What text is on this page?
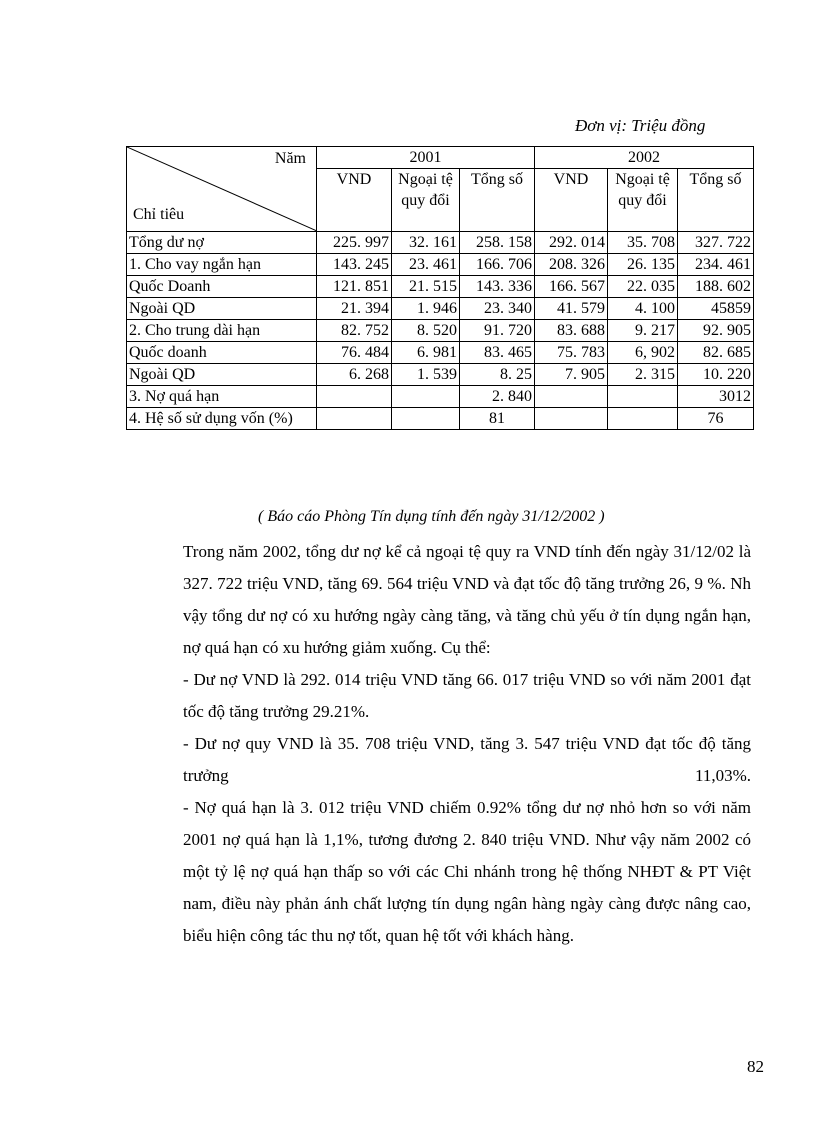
Đơn vị: Triệu đồng
Năm
Chỉ tiêu	2001			2002		
	VND	Ngoại tệ quy đổi	Tổng số	VND	Ngoại tệ quy đổi	Tổng số
Tổng dư nợ	225. 997	32. 161	258. 158	292. 014	35. 708	327. 722
1. Cho vay ngắn hạn	143. 245	23. 461	166. 706	208. 326	26. 135	234. 461
Quốc Doanh	121. 851	21. 515	143. 336	166. 567	22. 035	188. 602
Ngoài QD	21. 394	1. 946	23. 340	41. 579	4. 100	45859
2. Cho trung dài hạn	82. 752	8. 520	91. 720	83. 688	9. 217	92. 905
Quốc doanh	76. 484	6. 981	83. 465	75. 783	6, 902	82. 685
Ngoài QD	6. 268	1. 539	8. 25	7. 905	2. 315	10. 220
3. Nợ quá hạn			2. 840			3012
4. Hệ số sử dụng vốn (%)			81			76
( Báo cáo Phòng Tín dụng tính đến ngày 31/12/2002 )
Trong năm 2002, tổng dư nợ kể cả ngoại tệ quy ra VND tính đến ngày 31/12/02 là 327. 722 triệu VND, tăng 69. 564 triệu VND và đạt tốc độ tăng trưởng 26, 9 %. Nh vậy tổng dư nợ có xu hướng ngày càng tăng, và tăng chủ yếu ở tín dụng ngắn hạn, nợ quá hạn có xu hướng giảm xuống. Cụ thể:
- Dư nợ VND là 292. 014 triệu VND tăng 66. 017 triệu VND so với năm 2001 đạt tốc độ tăng trưởng 29.21%.
- Dư nợ quy VND là 35. 708 triệu VND, tăng 3. 547 triệu VND đạt tốc độ tăng trưởng 11,03%.
- Nợ quá hạn là 3. 012 triệu VND chiếm 0.92% tổng dư nợ nhỏ hơn so với năm 2001 nợ quá hạn là 1,1%, tương đương 2. 840 triệu VND. Như vậy năm 2002 có một tỷ lệ nợ quá hạn thấp so với các Chi nhánh trong hệ thống NHĐT & PT Việt nam, điều này phản ánh chất lượng tín dụng ngân hàng ngày càng được nâng cao, biểu hiện công tác thu nợ tốt, quan hệ tốt với khách hàng.
82
